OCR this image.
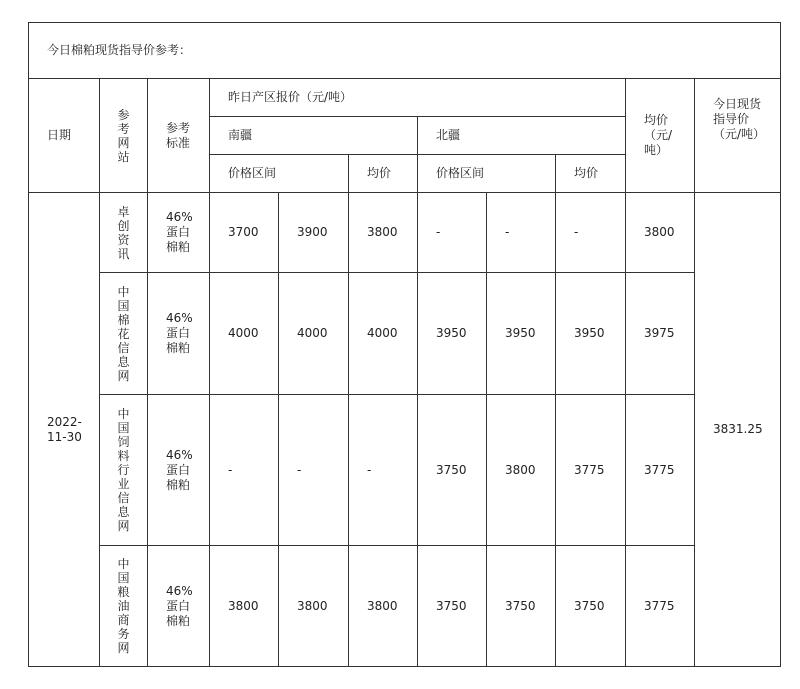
今日棉粕现货指导价参考：										
日期	参考网站	参考标准	昨日产区报价（元/吨）						均价（元/吨）	今日现货指导价（元/吨）

			南疆			北疆				
			价格区间		均价	价格区间		均价		

2022-11-30	卓创资讯	46%蛋白棉粕	3700	3900	3800	-	-	-	3800	3831.25

	中国棉花信息网	46%蛋白棉粕	4000	4000	4000	3950	3950	3950	3975	

	中国饲料行业信息网	46%蛋白棉粕	-	-	-	3750	3800	3775	3775	

	中国粮油商务网	46%蛋白棉粕	3800	3800	3800	3750	3750	3750	3775	
